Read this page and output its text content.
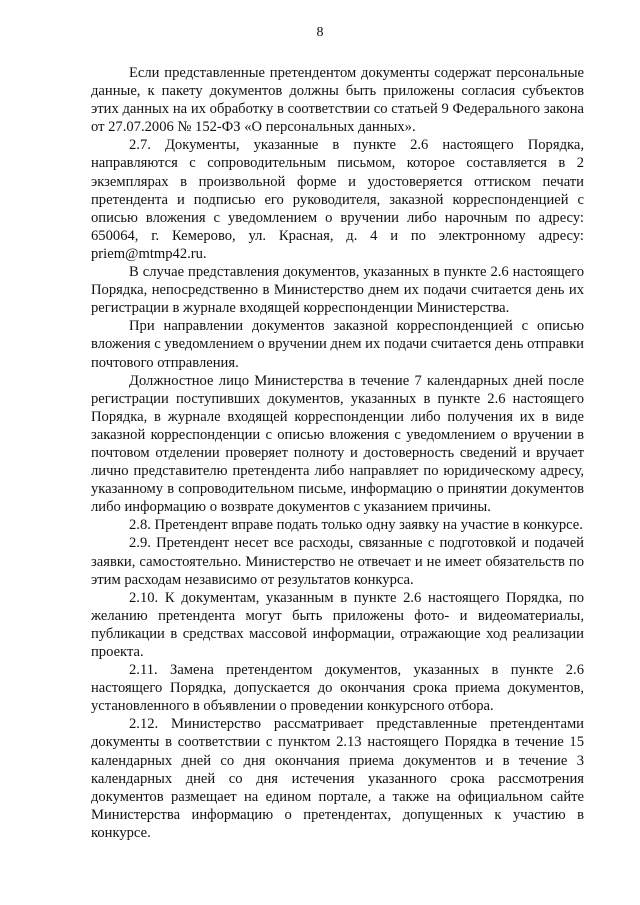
8

Если представленные претендентом документы содержат персональные данные, к пакету документов должны быть приложены согласия субъектов этих данных на их обработку в соответствии со статьей 9 Федерального закона от 27.07.2006 № 152-ФЗ «О персональных данных».

2.7. Документы, указанные в пункте 2.6 настоящего Порядка, направляются с сопроводительным письмом, которое составляется в 2 экземплярах в произвольной форме и удостоверяется оттиском печати претендента и подписью его руководителя, заказной корреспонденцией с описью вложения с уведомлением о вручении либо нарочным по адресу: 650064, г. Кемерово, ул. Красная, д. 4 и по электронному адресу: priem@mtmp42.ru.

В случае представления документов, указанных в пункте 2.6 настоящего Порядка, непосредственно в Министерство днем их подачи считается день их регистрации в журнале входящей корреспонденции Министерства.

При направлении документов заказной корреспонденцией с описью вложения с уведомлением о вручении днем их подачи считается день отправки почтового отправления.

Должностное лицо Министерства в течение 7 календарных дней после регистрации поступивших документов, указанных в пункте 2.6 настоящего Порядка, в журнале входящей корреспонденции либо получения их в виде заказной корреспонденции с описью вложения с уведомлением о вручении в почтовом отделении проверяет полноту и достоверность сведений и вручает лично представителю претендента либо направляет по юридическому адресу, указанному в сопроводительном письме, информацию о принятии документов либо информацию о возврате документов с указанием причины.

2.8. Претендент вправе подать только одну заявку на участие в конкурсе.

2.9. Претендент несет все расходы, связанные с подготовкой и подачей заявки, самостоятельно. Министерство не отвечает и не имеет обязательств по этим расходам независимо от результатов конкурса.

2.10. К документам, указанным в пункте 2.6 настоящего Порядка, по желанию претендента могут быть приложены фото- и видеоматериалы, публикации в средствах массовой информации, отражающие ход реализации проекта.

2.11. Замена претендентом документов, указанных в пункте 2.6 настоящего Порядка, допускается до окончания срока приема документов, установленного в объявлении о проведении конкурсного отбора.

2.12. Министерство рассматривает представленные претендентами документы в соответствии с пунктом 2.13 настоящего Порядка в течение 15 календарных дней со дня окончания приема документов и в течение 3 календарных дней со дня истечения указанного срока рассмотрения документов размещает на едином портале, а также на официальном сайте Министерства информацию о претендентах, допущенных к участию в конкурсе.
